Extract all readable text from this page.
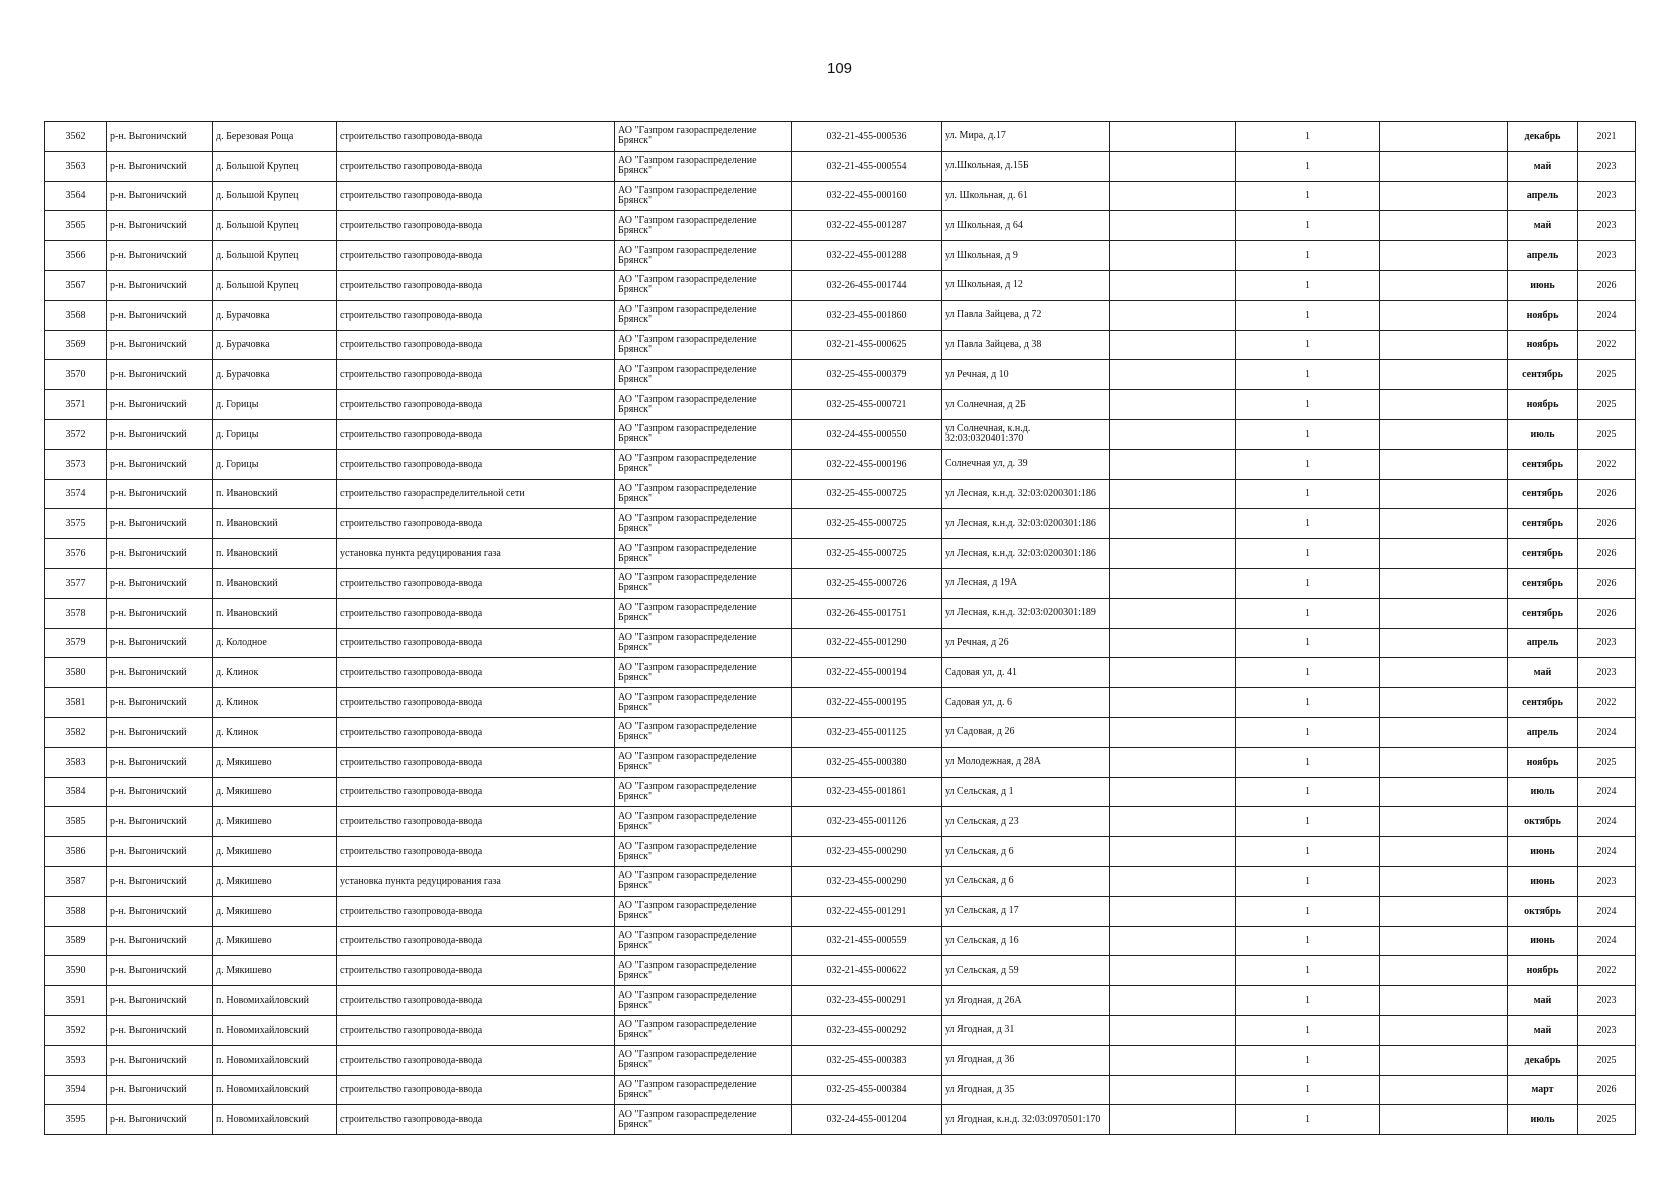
109
3562	р-н. Выгоничский	д. Березовая Роща	строительство газопровода-ввода	АО "Газпром газораспределение Брянск"	032-21-455-000536	ул. Мира, д.17		1		декабрь	2021
3563	р-н. Выгоничский	д. Большой Крупец	строительство газопровода-ввода	АО "Газпром газораспределение Брянск"	032-21-455-000554	ул.Школьная, д.15Б		1		май	2023
3564	р-н. Выгоничский	д. Большой Крупец	строительство газопровода-ввода	АО "Газпром газораспределение Брянск"	032-22-455-000160	ул. Школьная, д. 61		1		апрель	2023
3565	р-н. Выгоничский	д. Большой Крупец	строительство газопровода-ввода	АО "Газпром газораспределение Брянск"	032-22-455-001287	ул Школьная, д 64		1		май	2023
3566	р-н. Выгоничский	д. Большой Крупец	строительство газопровода-ввода	АО "Газпром газораспределение Брянск"	032-22-455-001288	ул Школьная, д 9		1		апрель	2023
3567	р-н. Выгоничский	д. Большой Крупец	строительство газопровода-ввода	АО "Газпром газораспределение Брянск"	032-26-455-001744	ул Школьная, д 12		1		июнь	2026
3568	р-н. Выгоничский	д. Бурачовка	строительство газопровода-ввода	АО "Газпром газораспределение Брянск"	032-23-455-001860	ул Павла Зайцева, д 72		1		ноябрь	2024
3569	р-н. Выгоничский	д. Бурачовка	строительство газопровода-ввода	АО "Газпром газораспределение Брянск"	032-21-455-000625	ул Павла Зайцева, д 38		1		ноябрь	2022
3570	р-н. Выгоничский	д. Бурачовка	строительство газопровода-ввода	АО "Газпром газораспределение Брянск"	032-25-455-000379	ул Речная, д 10		1		сентябрь	2025
3571	р-н. Выгоничский	д. Горицы	строительство газопровода-ввода	АО "Газпром газораспределение Брянск"	032-25-455-000721	ул Солнечная, д 2Б		1		ноябрь	2025
3572	р-н. Выгоничский	д. Горицы	строительство газопровода-ввода	АО "Газпром газораспределение Брянск"	032-24-455-000550	ул Солнечная, к.н.д. 32:03:0320401:370		1		июль	2025
3573	р-н. Выгоничский	д. Горицы	строительство газопровода-ввода	АО "Газпром газораспределение Брянск"	032-22-455-000196	Солнечная ул, д. 39		1		сентябрь	2022
3574	р-н. Выгоничский	п. Ивановский	строительство газораспределительной сети	АО "Газпром газораспределение Брянск"	032-25-455-000725	ул Лесная, к.н.д. 32:03:0200301:186		1		сентябрь	2026
3575	р-н. Выгоничский	п. Ивановский	строительство газопровода-ввода	АО "Газпром газораспределение Брянск"	032-25-455-000725	ул Лесная, к.н.д. 32:03:0200301:186		1		сентябрь	2026
3576	р-н. Выгоничский	п. Ивановский	установка пункта редуцирования газа	АО "Газпром газораспределение Брянск"	032-25-455-000725	ул Лесная, к.н.д. 32:03:0200301:186		1		сентябрь	2026
3577	р-н. Выгоничский	п. Ивановский	строительство газопровода-ввода	АО "Газпром газораспределение Брянск"	032-25-455-000726	ул Лесная, д 19А		1		сентябрь	2026
3578	р-н. Выгоничский	п. Ивановский	строительство газопровода-ввода	АО "Газпром газораспределение Брянск"	032-26-455-001751	ул Лесная, к.н.д. 32:03:0200301:189		1		сентябрь	2026
3579	р-н. Выгоничский	д. Колодное	строительство газопровода-ввода	АО "Газпром газораспределение Брянск"	032-22-455-001290	ул Речная, д 26		1		апрель	2023
3580	р-н. Выгоничский	д. Клинок	строительство газопровода-ввода	АО "Газпром газораспределение Брянск"	032-22-455-000194	Садовая ул, д. 41		1		май	2023
3581	р-н. Выгоничский	д. Клинок	строительство газопровода-ввода	АО "Газпром газораспределение Брянск"	032-22-455-000195	Садовая ул, д. 6		1		сентябрь	2022
3582	р-н. Выгоничский	д. Клинок	строительство газопровода-ввода	АО "Газпром газораспределение Брянск"	032-23-455-001125	ул Садовая, д 26		1		апрель	2024
3583	р-н. Выгоничский	д. Мякишево	строительство газопровода-ввода	АО "Газпром газораспределение Брянск"	032-25-455-000380	ул Молодежная, д 28А		1		ноябрь	2025
3584	р-н. Выгоничский	д. Мякишево	строительство газопровода-ввода	АО "Газпром газораспределение Брянск"	032-23-455-001861	ул Сельская, д 1		1		июль	2024
3585	р-н. Выгоничский	д. Мякишево	строительство газопровода-ввода	АО "Газпром газораспределение Брянск"	032-23-455-001126	ул Сельская, д 23		1		октябрь	2024
3586	р-н. Выгоничский	д. Мякишево	строительство газопровода-ввода	АО "Газпром газораспределение Брянск"	032-23-455-000290	ул Сельская, д 6		1		июнь	2024
3587	р-н. Выгоничский	д. Мякишево	установка пункта редуцирования газа	АО "Газпром газораспределение Брянск"	032-23-455-000290	ул Сельская, д 6		1		июнь	2023
3588	р-н. Выгоничский	д. Мякишево	строительство газопровода-ввода	АО "Газпром газораспределение Брянск"	032-22-455-001291	ул Сельская, д 17		1		октябрь	2024
3589	р-н. Выгоничский	д. Мякишево	строительство газопровода-ввода	АО "Газпром газораспределение Брянск"	032-21-455-000559	ул Сельская, д 16		1		июнь	2024
3590	р-н. Выгоничский	д. Мякишево	строительство газопровода-ввода	АО "Газпром газораспределение Брянск"	032-21-455-000622	ул Сельская, д 59		1		ноябрь	2022
3591	р-н. Выгоничский	п. Новомихайловский	строительство газопровода-ввода	АО "Газпром газораспределение Брянск"	032-23-455-000291	ул Ягодная, д 26А		1		май	2023
3592	р-н. Выгоничский	п. Новомихайловский	строительство газопровода-ввода	АО "Газпром газораспределение Брянск"	032-23-455-000292	ул Ягодная, д 31		1		май	2023
3593	р-н. Выгоничский	п. Новомихайловский	строительство газопровода-ввода	АО "Газпром газораспределение Брянск"	032-25-455-000383	ул Ягодная, д 36		1		декабрь	2025
3594	р-н. Выгоничский	п. Новомихайловский	строительство газопровода-ввода	АО "Газпром газораспределение Брянск"	032-25-455-000384	ул Ягодная, д 35		1		март	2026
3595	р-н. Выгоничский	п. Новомихайловский	строительство газопровода-ввода	АО "Газпром газораспределение Брянск"	032-24-455-001204	ул Ягодная, к.н.д. 32:03:0970501:170		1		июль	2025
